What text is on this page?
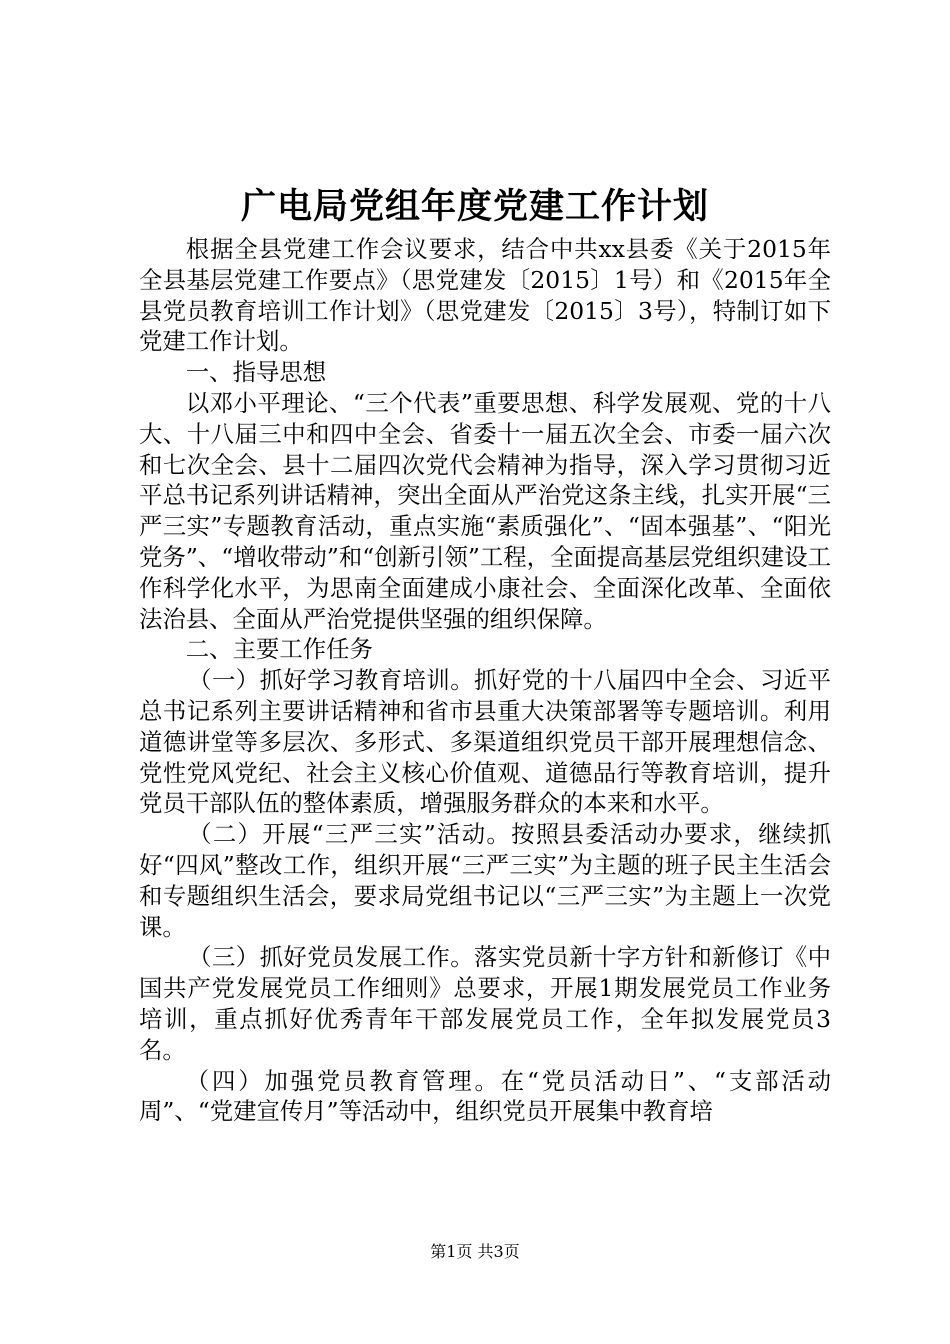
广电局党组年度党建工作计划

根据全县党建工作会议要求，结合中共xx县委《关于2015年全县基层党建工作要点》（思党建发〔2015〕1号）和《2015年全县党员教育培训工作计划》（思党建发〔2015〕3号），特制订如下党建工作计划。

一、指导思想

以邓小平理论、“三个代表”重要思想、科学发展观、党的十八大、十八届三中和四中全会、省委十一届五次全会、市委一届六次和七次全会、县十二届四次党代会精神为指导，深入学习贯彻习近平总书记系列讲话精神，突出全面从严治党这条主线，扎实开展“三严三实”专题教育活动，重点实施“素质强化”、“固本强基”、“阳光党务”、“增收带动”和“创新引领”工程，全面提高基层党组织建设工作科学化水平，为思南全面建成小康社会、全面深化改革、全面依法治县、全面从严治党提供坚强的组织保障。

二、主要工作任务

（一）抓好学习教育培训。抓好党的十八届四中全会、习近平总书记系列主要讲话精神和省市县重大决策部署等专题培训。利用道德讲堂等多层次、多形式、多渠道组织党员干部开展理想信念、党性党风党纪、社会主义核心价值观、道德品行等教育培训，提升党员干部队伍的整体素质，增强服务群众的本来和水平。

（二）开展“三严三实”活动。按照县委活动办要求，继续抓好“四风”整改工作，组织开展“三严三实”为主题的班子民主生活会和专题组织生活会，要求局党组书记以“三严三实”为主题上一次党课。

（三）抓好党员发展工作。落实党员新十字方针和新修订《中国共产党发展党员工作细则》总要求，开展1期发展党员工作业务培训，重点抓好优秀青年干部发展党员工作，全年拟发展党员3名。

（四）加强党员教育管理。在“党员活动日”、“支部活动周”、“党建宣传月”等活动中，组织党员开展集中教育培

第1页 共3页
